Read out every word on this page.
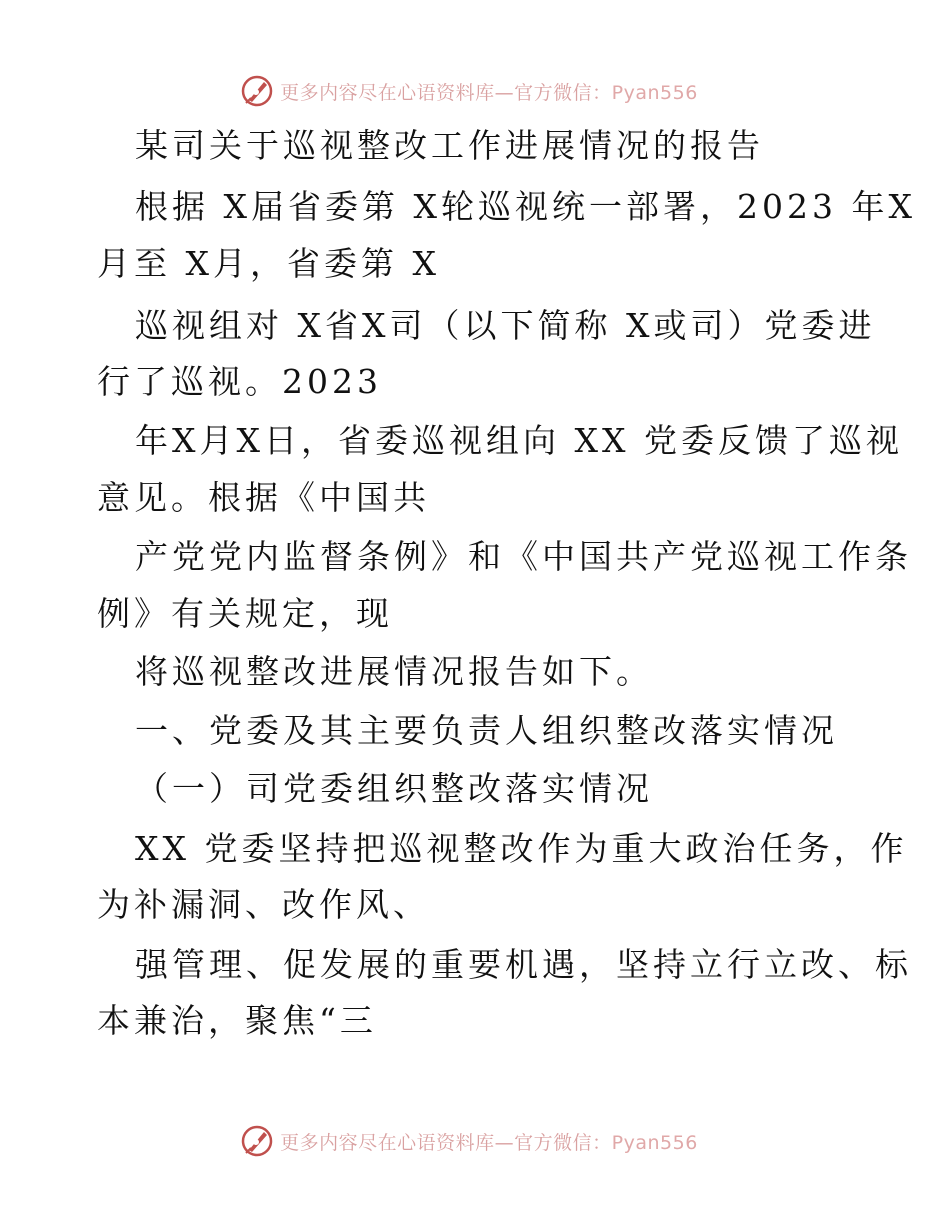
更多内容尽在心语资料库—官方微信：Pyan556
某司关于巡视整改工作进展情况的报告
根据 X届省委第 X轮巡视统一部署，2023 年X
月至 X月，省委第 X
巡视组对 X省X司（以下简称 X或司）党委进
行了巡视。2023
年X月X日，省委巡视组向 XX 党委反馈了巡视
意见。根据《中国共
产党党内监督条例》和《中国共产党巡视工作条
例》有关规定，现
将巡视整改进展情况报告如下。
一、党委及其主要负责人组织整改落实情况
（一）司党委组织整改落实情况
XX 党委坚持把巡视整改作为重大政治任务，作
为补漏洞、改作风、
强管理、促发展的重要机遇，坚持立行立改、标
本兼治，聚焦“三
更多内容尽在心语资料库—官方微信：Pyan556
